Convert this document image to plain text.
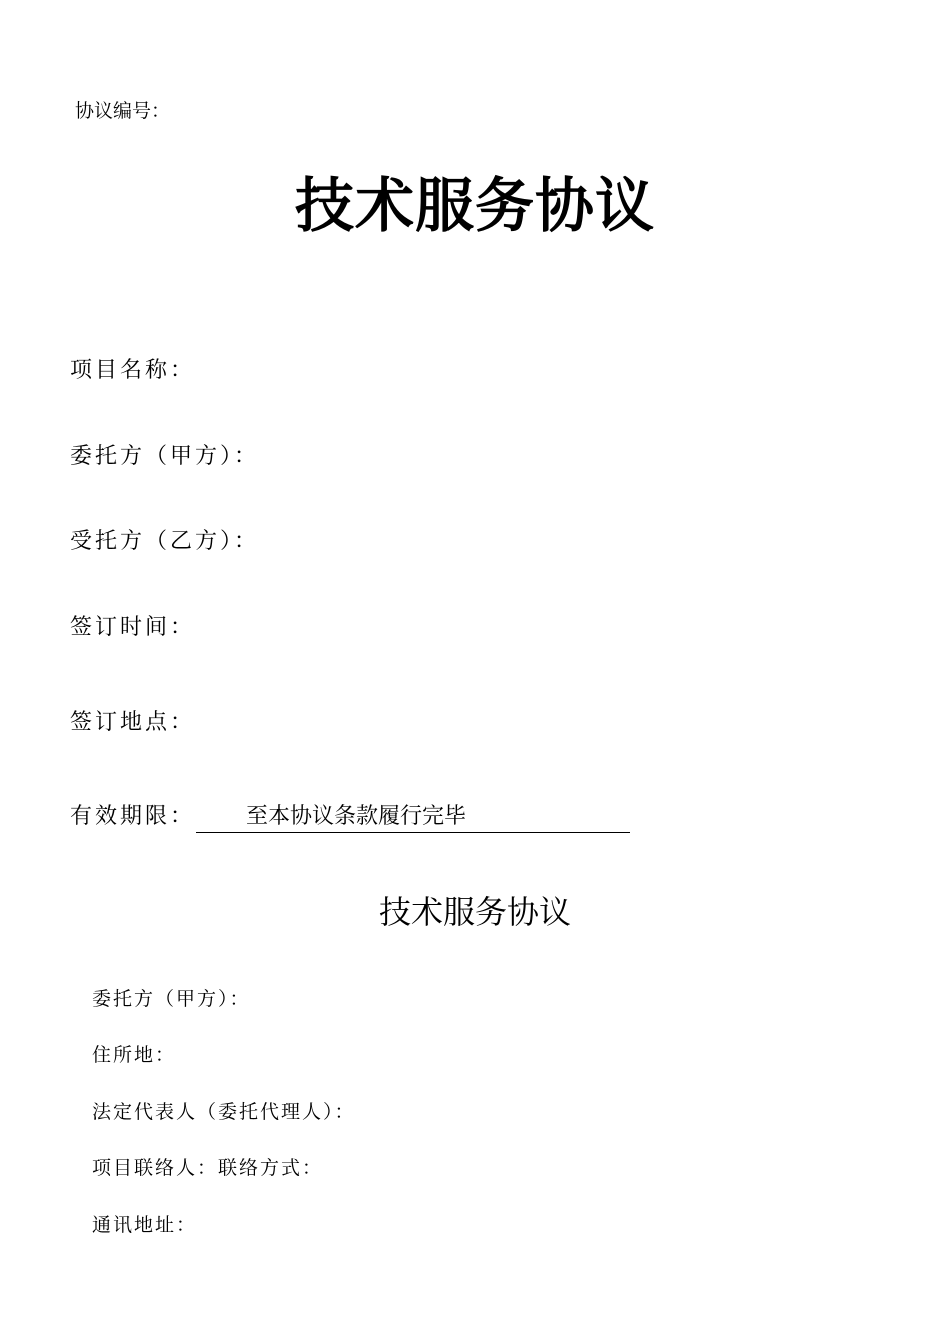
协议编号：
技术服务协议
项目名称：
委托方（甲方）：
受托方（乙方）：
签订时间：
签订地点：
有效期限： 至本协议条款履行完毕
技术服务协议
委托方（甲方）：
住所地：
法定代表人（委托代理人）：
项目联络人：联络方式：
通讯地址：
